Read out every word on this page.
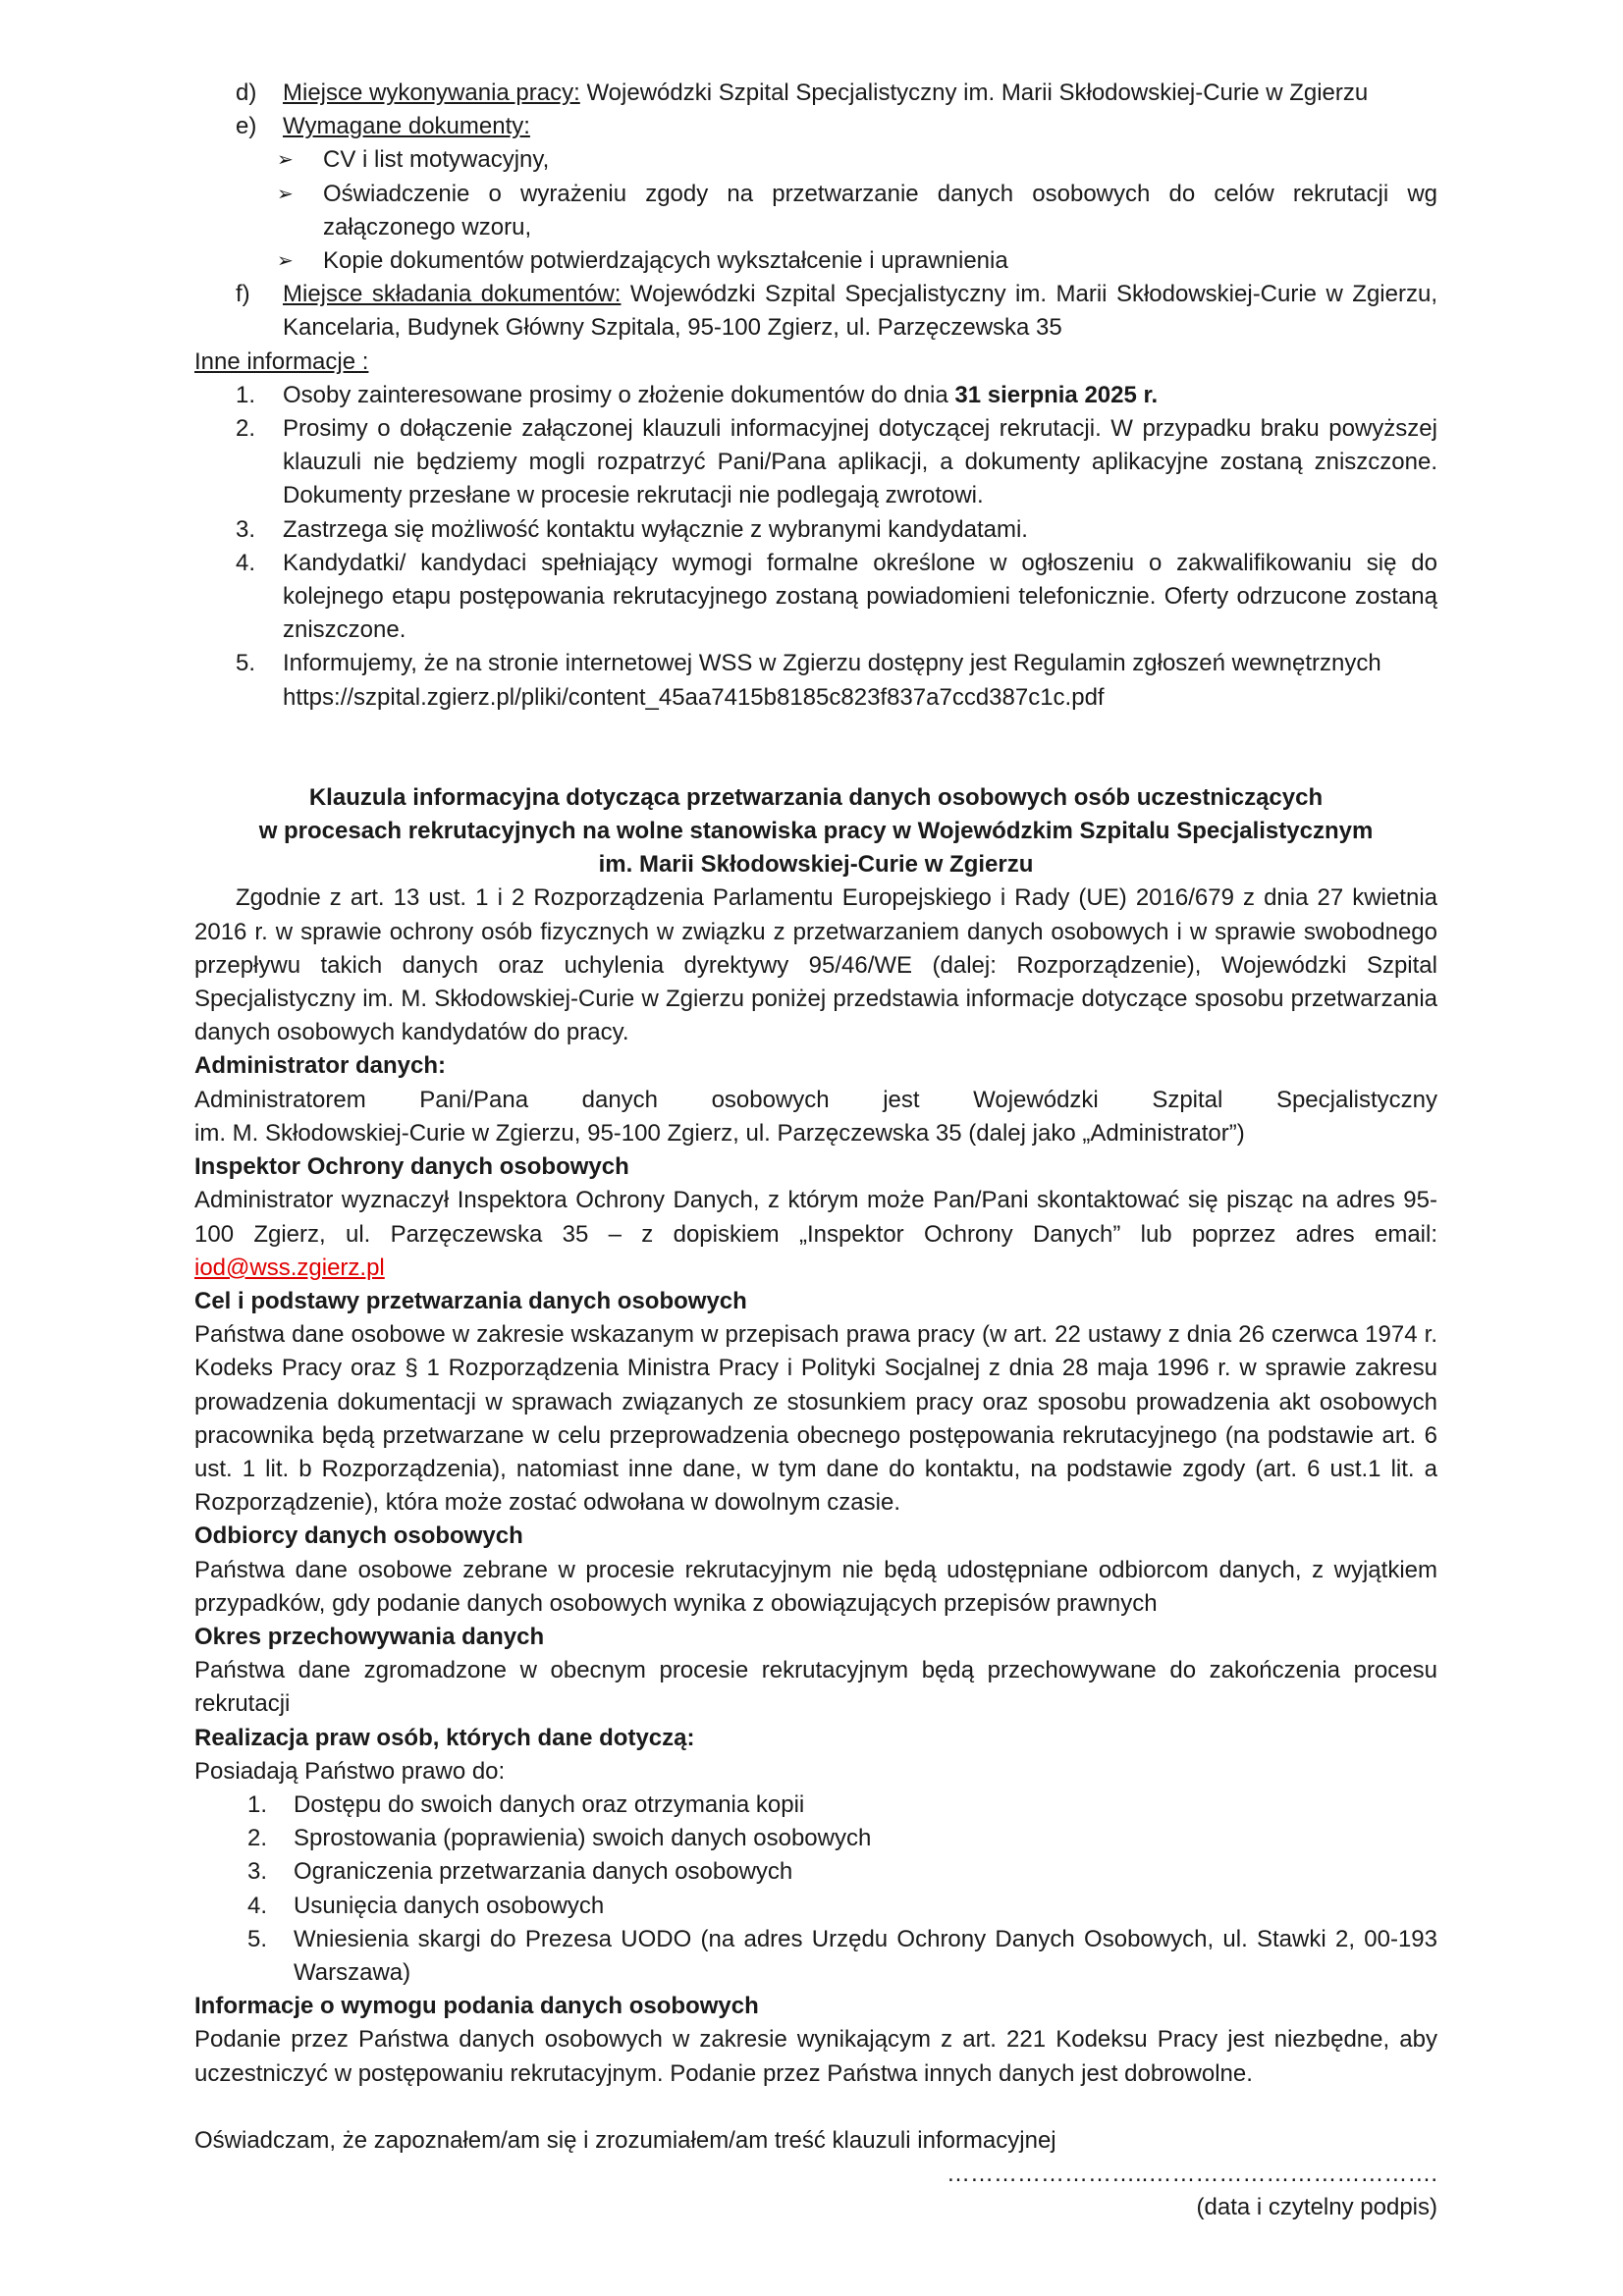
d) Miejsce wykonywania pracy: Wojewódzki Szpital Specjalistyczny im. Marii Skłodowskiej-Curie w Zgierzu
e) Wymagane dokumenty:
➢ CV i list motywacyjny,
➢ Oświadczenie o wyrażeniu zgody na przetwarzanie danych osobowych do celów rekrutacji wg załączonego wzoru,
➢ Kopie dokumentów potwierdzających wykształcenie i uprawnienia
f) Miejsce składania dokumentów: Wojewódzki Szpital Specjalistyczny im. Marii Skłodowskiej-Curie w Zgierzu, Kancelaria, Budynek Główny Szpitala, 95-100 Zgierz, ul. Parzęczewska 35
Inne informacje :
1. Osoby zainteresowane prosimy o złożenie dokumentów do dnia 31 sierpnia 2025 r.
2. Prosimy o dołączenie załączonej klauzuli informacyjnej dotyczącej rekrutacji. W przypadku braku powyższej klauzuli nie będziemy mogli rozpatrzyć Pani/Pana aplikacji, a dokumenty aplikacyjne zostaną zniszczone. Dokumenty przesłane w procesie rekrutacji nie podlegają zwrotowi.
3. Zastrzega się możliwość kontaktu wyłącznie z wybranymi kandydatami.
4. Kandydatki/ kandydaci spełniający wymogi formalne określone w ogłoszeniu o zakwalifikowaniu się do kolejnego etapu postępowania rekrutacyjnego zostaną powiadomieni telefonicznie. Oferty odrzucone zostaną zniszczone.
5. Informujemy, że na stronie internetowej WSS w Zgierzu dostępny jest Regulamin zgłoszeń wewnętrznych https://szpital.zgierz.pl/pliki/content_45aa7415b8185c823f837a7ccd387c1c.pdf
Klauzula informacyjna dotycząca przetwarzania danych osobowych osób uczestniczących
w procesach rekrutacyjnych na wolne stanowiska pracy w Wojewódzkim Szpitalu Specjalistycznym
im. Marii Skłodowskiej-Curie w Zgierzu
Zgodnie z art. 13 ust. 1 i 2 Rozporządzenia Parlamentu Europejskiego i Rady (UE) 2016/679 z dnia 27 kwietnia 2016 r. w sprawie ochrony osób fizycznych w związku z przetwarzaniem danych osobowych i w sprawie swobodnego przepływu takich danych oraz uchylenia dyrektywy 95/46/WE (dalej: Rozporządzenie), Wojewódzki Szpital Specjalistyczny im. M. Skłodowskiej-Curie w Zgierzu poniżej przedstawia informacje dotyczące sposobu przetwarzania danych osobowych kandydatów do pracy.
Administrator danych:
Administratorem Pani/Pana danych osobowych jest Wojewódzki Szpital Specjalistyczny
im. M. Skłodowskiej-Curie w Zgierzu, 95-100 Zgierz, ul. Parzęczewska 35 (dalej jako „Administrator”)
Inspektor Ochrony danych osobowych
Administrator wyznaczył Inspektora Ochrony Danych, z którym może Pan/Pani skontaktować się pisząc na adres 95-100 Zgierz, ul. Parzęczewska 35 – z dopiskiem „Inspektor Ochrony Danych” lub poprzez adres email:
iod@wss.zgierz.pl
Cel i podstawy przetwarzania danych osobowych
Państwa dane osobowe w zakresie wskazanym w przepisach prawa pracy (w art. 22 ustawy z dnia 26 czerwca 1974 r. Kodeks Pracy oraz § 1 Rozporządzenia Ministra Pracy i Polityki Socjalnej z dnia 28 maja 1996 r. w sprawie zakresu prowadzenia dokumentacji w sprawach związanych ze stosunkiem pracy oraz sposobu prowadzenia akt osobowych pracownika będą przetwarzane w celu przeprowadzenia obecnego postępowania rekrutacyjnego (na podstawie art. 6 ust. 1 lit. b Rozporządzenia), natomiast inne dane, w tym dane do kontaktu, na podstawie zgody (art. 6 ust.1 lit. a Rozporządzenie), która może zostać odwołana w dowolnym czasie.
Odbiorcy danych osobowych
Państwa dane osobowe zebrane w procesie rekrutacyjnym nie będą udostępniane odbiorcom danych, z wyjątkiem przypadków, gdy podanie danych osobowych wynika z obowiązujących przepisów prawnych
Okres przechowywania danych
Państwa dane zgromadzone w obecnym procesie rekrutacyjnym będą przechowywane do zakończenia procesu rekrutacji
Realizacja praw osób, których dane dotyczą:
Posiadają Państwo prawo do:
1. Dostępu do swoich danych oraz otrzymania kopii
2. Sprostowania (poprawienia) swoich danych osobowych
3. Ograniczenia przetwarzania danych osobowych
4. Usunięcia danych osobowych
5. Wniesienia skargi do Prezesa UODO (na adres Urzędu Ochrony Danych Osobowych, ul. Stawki 2, 00-193 Warszawa)
Informacje o wymogu podania danych osobowych
Podanie przez Państwa danych osobowych w zakresie wynikającym z art. 221 Kodeksu Pracy jest niezbędne, aby uczestniczyć w postępowaniu rekrutacyjnym. Podanie przez Państwa innych danych jest dobrowolne.
Oświadczam, że zapoznałem/am się i zrozumiałem/am treść klauzuli informacyjnej
……………………..……………………………….
(data i czytelny podpis)
